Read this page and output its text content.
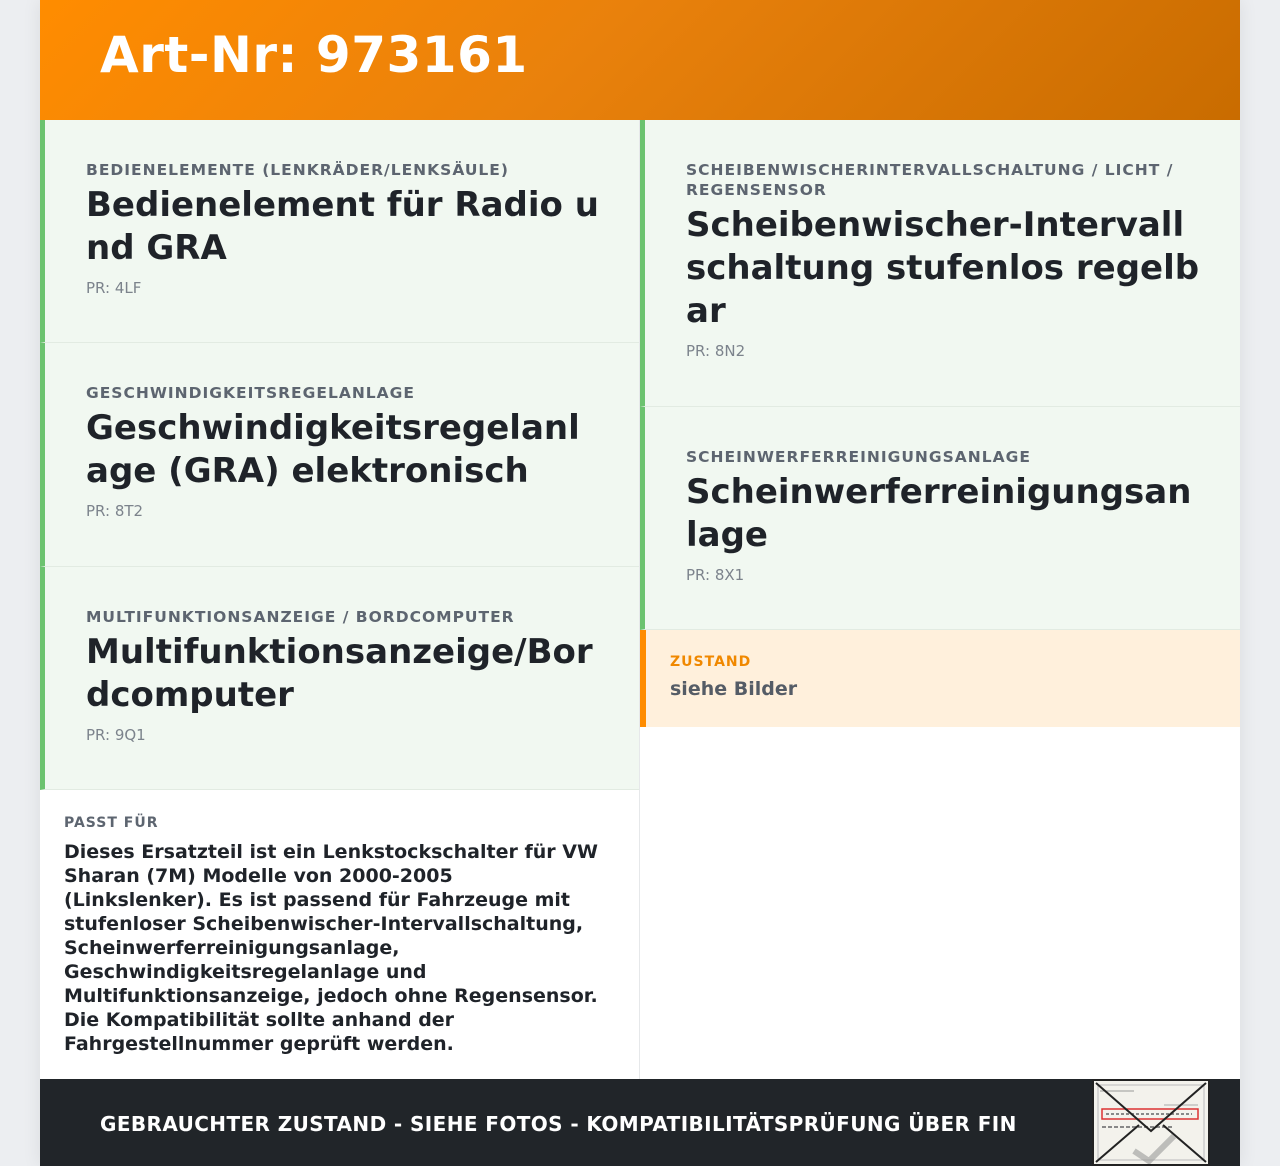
Art-Nr: 973161
BEDIENELEMENTE (LENKRÄDER/LENKSÄULE)
Bedienelement für Radio und GRA
PR: 4LF
GESCHWINDIGKEITSREGELANLAGE
Geschwindigkeitsregelanlage (GRA) elektronisch
PR: 8T2
MULTIFUNKTIONSANZEIGE / BORDCOMPUTER
Multifunktionsanzeige/Bordcomputer
PR: 9Q1
PASST FÜR
Dieses Ersatzteil ist ein Lenkstockschalter für VW Sharan (7M) Modelle von 2000-2005 (Linkslenker). Es ist passend für Fahrzeuge mit stufenloser Scheibenwischer-Intervallschaltung, Scheinwerferreinigungsanlage, Geschwindigkeitsregelanlage und Multifunktionsanzeige, jedoch ohne Regensensor. Die Kompatibilität sollte anhand der Fahrgestellnummer geprüft werden.
SCHEIBENWISCHERINTERVALLSCHALTUNG / LICHT / REGENSENSOR
Scheibenwischer-Intervallschaltung stufenlos regelbar
PR: 8N2
SCHEINWERFERREINIGUNGSANLAGE
Scheinwerferreinigungsanlage
PR: 8X1
ZUSTAND
siehe Bilder
GEBRAUCHTER ZUSTAND - SIEHE FOTOS - KOMPATIBILITÄTSPRÜFUNG ÜBER FIN
